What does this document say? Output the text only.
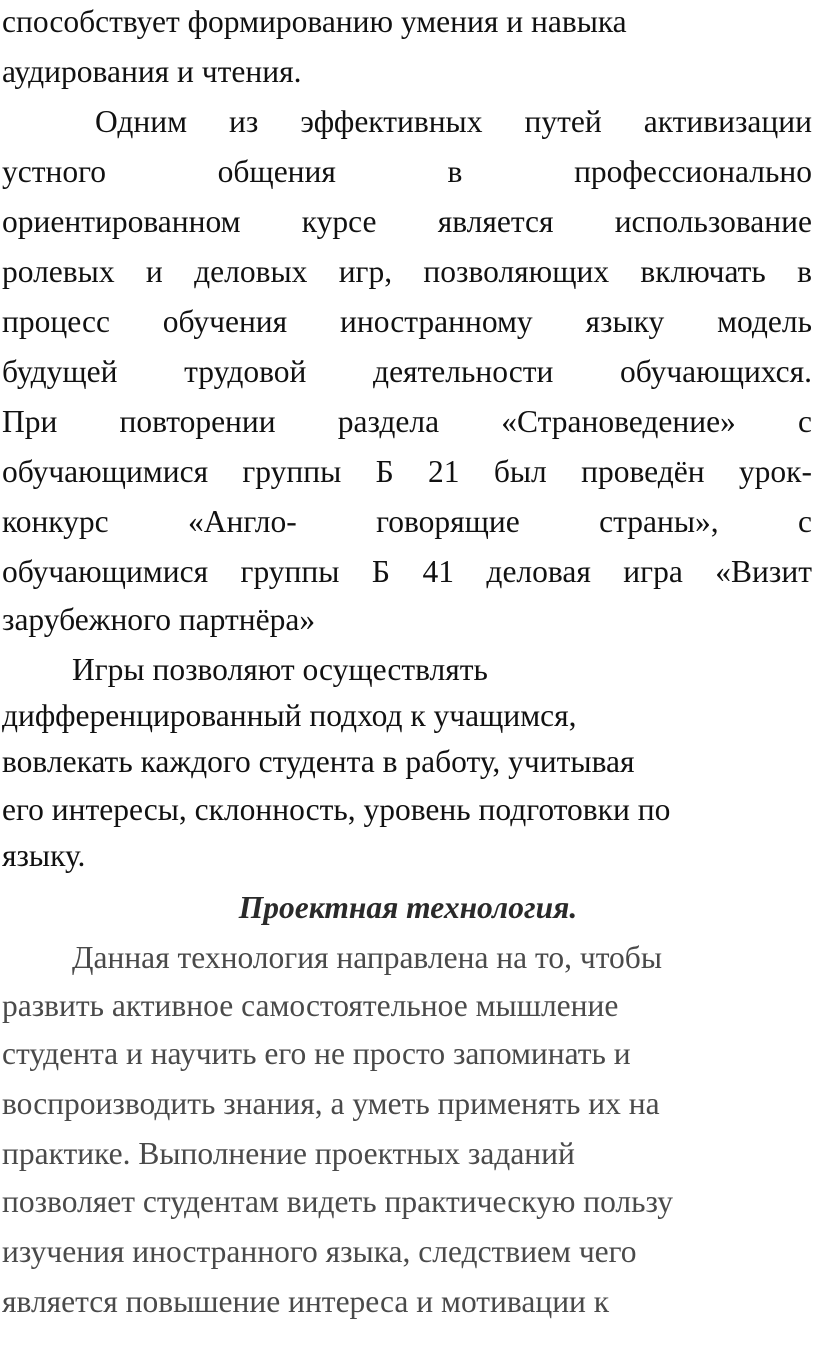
способствует формированию умения и навыка
аудирования и чтения.
Одним из эффективных путей активизации
устного	общения	в	профессионально
ориентированном курсе является использование
ролевых и деловых игр, позволяющих включать в
процесс обучения иностранному языку модель
будущей трудовой деятельности обучающихся.
При повторении раздела «Страноведение» с
обучающимися группы Б 21 был проведён урок-
конкурс	«Англо-	говорящие	страны»,	с
обучающимися группы Б 41 деловая игра «Визит
зарубежного партнёра»
Игры позволяют осуществлять
дифференцированный подход к учащимся,
вовлекать каждого студента в работу, учитывая
его интересы, склонность, уровень подготовки по
языку.
Проектная технология.
Данная технология направлена на то, чтобы
развить активное самостоятельное мышление
студента и научить его не просто запоминать и
воспроизводить знания, а уметь применять их на
практике. Выполнение проектных заданий
позволяет студентам видеть практическую пользу
изучения иностранного языка, следствием чего
является повышение интереса и мотивации к
